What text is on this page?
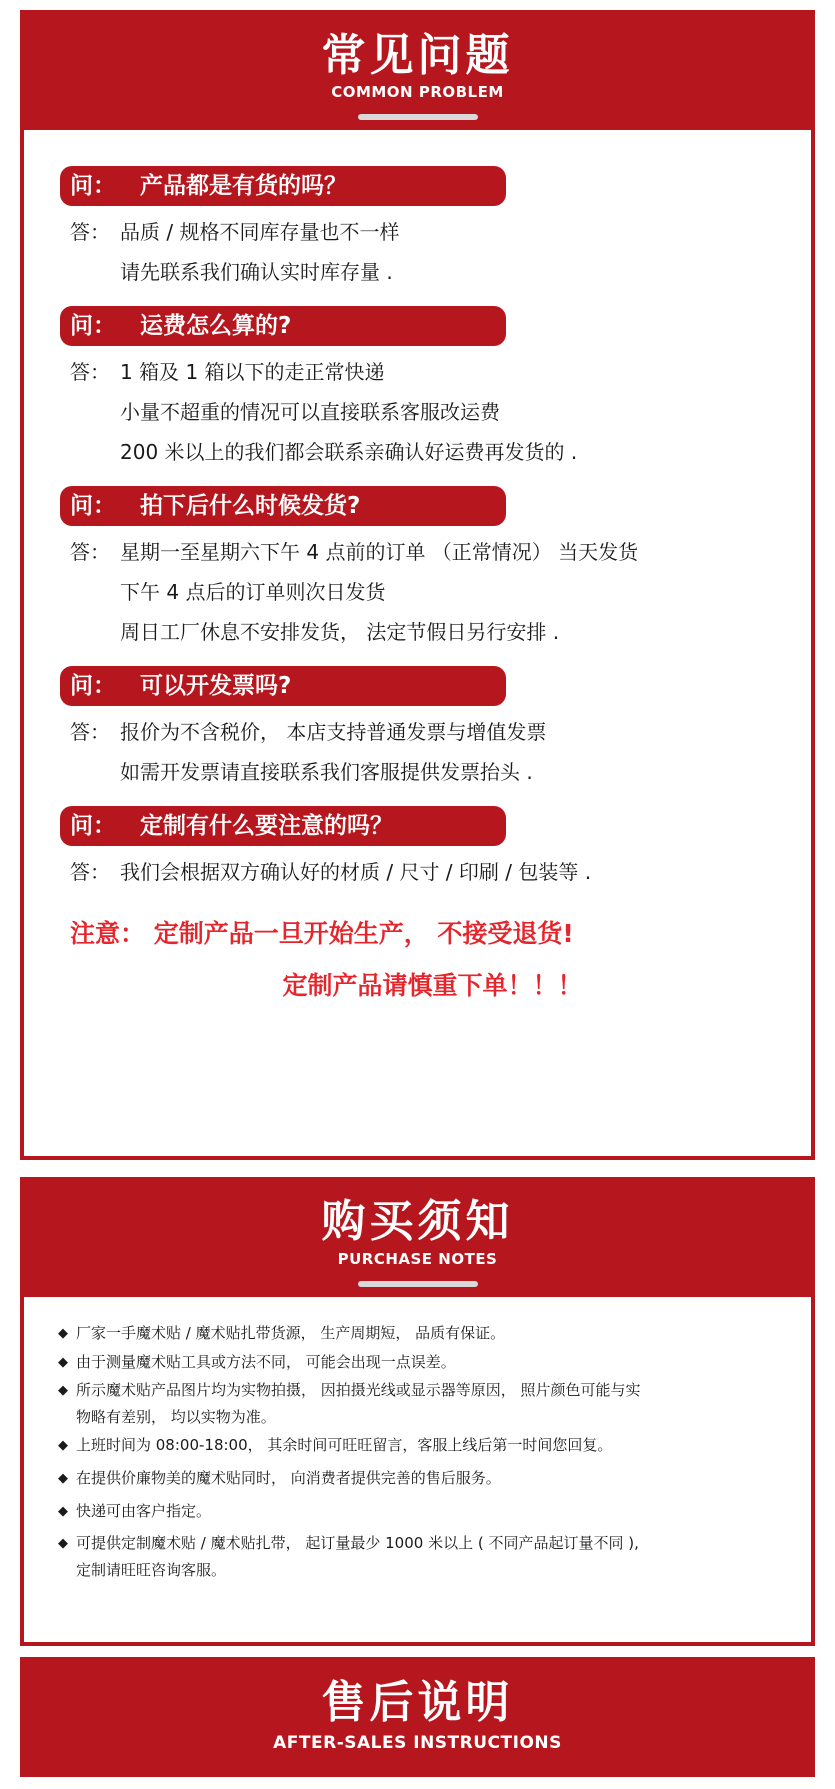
常见问题
COMMON PROBLEM
问： 产品都是有货的吗？
答： 品质 / 规格不同库存量也不一样
请先联系我们确认实时库存量 .
问： 运费怎么算的?
答： 1 箱及 1 箱以下的走正常快递
小量不超重的情况可以直接联系客服改运费
200 米以上的我们都会联系亲确认好运费再发货的 .
问： 拍下后什么时候发货?
答： 星期一至星期六下午 4 点前的订单 （正常情况） 当天发货
下午 4 点后的订单则次日发货
周日工厂休息不安排发货， 法定节假日另行安排 .
问： 可以开发票吗?
答： 报价为不含税价， 本店支持普通发票与增值发票
如需开发票请直接联系我们客服提供发票抬头 .
问： 定制有什么要注意的吗？
答： 我们会根据双方确认好的材质 / 尺寸 / 印刷 / 包装等 .
注意： 定制产品一旦开始生产， 不接受退货!
定制产品请慎重下单！！！
购买须知
PURCHASE NOTES
◆ 厂家一手魔术贴 / 魔术贴扎带货源， 生产周期短， 品质有保证。
◆ 由于测量魔术贴工具或方法不同， 可能会出现一点误差。
◆ 所示魔术贴产品图片均为实物拍摄， 因拍摄光线或显示器等原因， 照片颜色可能与实
物略有差别， 均以实物为准。
◆ 上班时间为 08:00-18:00， 其余时间可旺旺留言，客服上线后第一时间您回复。
◆ 在提供价廉物美的魔术贴同时， 向消费者提供完善的售后服务。
◆ 快递可由客户指定。
◆ 可提供定制魔术贴 / 魔术贴扎带， 起订量最少 1000 米以上 ( 不同产品起订量不同 ),
定制请旺旺咨询客服。
售后说明
AFTER-SALES INSTRUCTIONS
